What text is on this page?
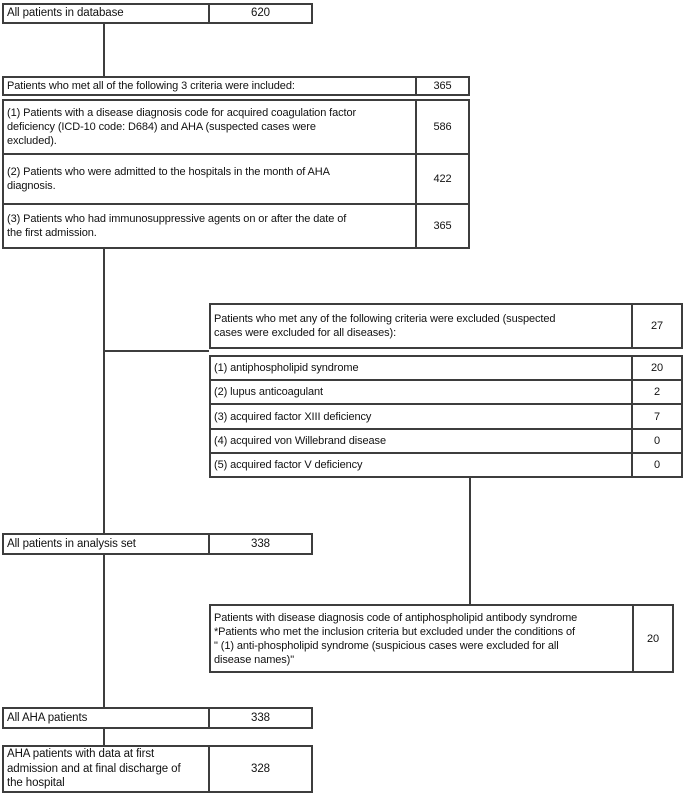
All patients in database	620
Patients who met all of the following 3 criteria were included:	365
(1) Patients with a disease diagnosis code for acquired coagulation factor
deficiency (ICD-10 code: D684) and AHA (suspected cases were
excluded).
586
(2) Patients who were admitted to the hospitals in the month of AHA
diagnosis.
422
(3) Patients who had immunosuppressive agents on or after the date of
the first admission.
365
Patients who met any of the following criteria were excluded (suspected
cases were excluded for all diseases):
27
(1) antiphospholipid syndrome	20
(2) lupus anticoagulant	2
(3) acquired factor XIII deficiency	7
(4) acquired von Willebrand disease	0
(5) acquired factor V deficiency	0
All patients in analysis set	338
Patients with disease diagnosis code of antiphospholipid antibody syndrome
*Patients who met the inclusion criteria but excluded under the conditions of
" (1) anti-phospholipid syndrome (suspicious cases were excluded for all
disease names)"
20
All AHA patients	338
AHA patients with data at first
admission and at final discharge of
the hospital
328
